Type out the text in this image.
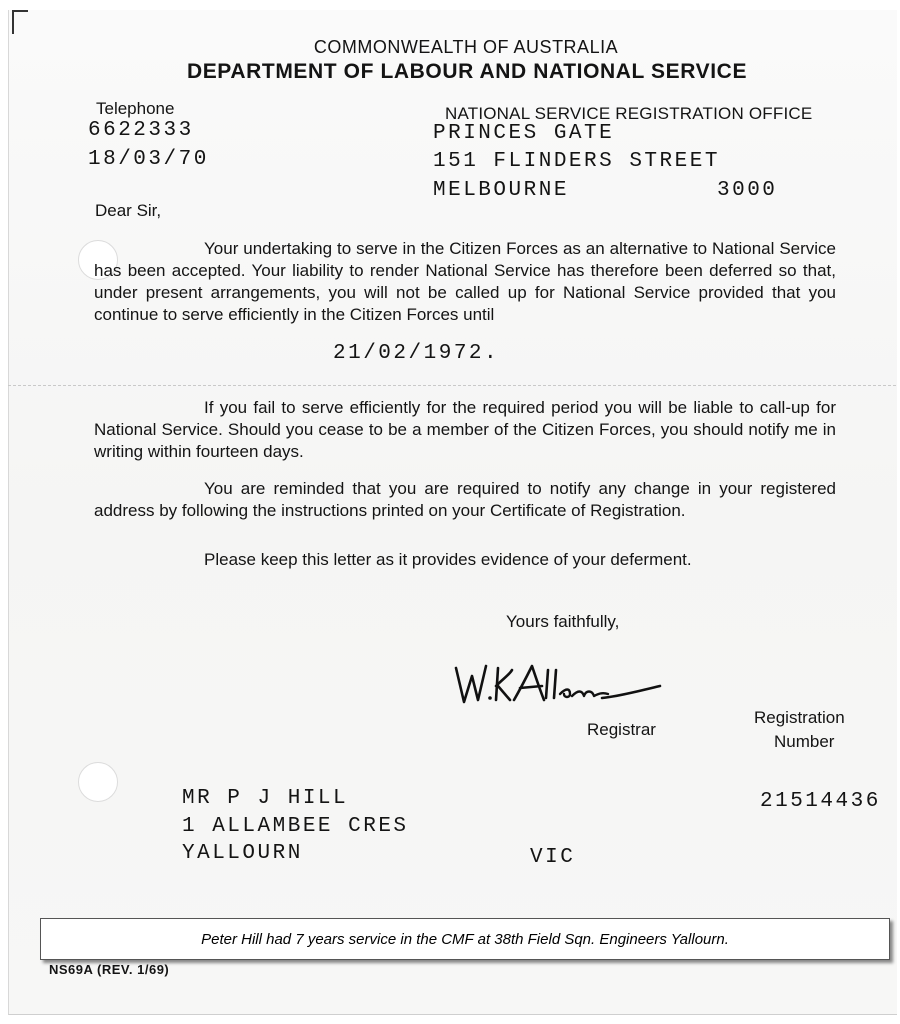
COMMONWEALTH OF AUSTRALIA
DEPARTMENT OF LABOUR AND NATIONAL SERVICE
Telephone
6622333
18/03/70
NATIONAL SERVICE REGISTRATION OFFICE
PRINCES GATE
151 FLINDERS STREET
MELBOURNE	3000
Dear Sir,
Your undertaking to serve in the Citizen Forces as an alternative to National Service has been accepted. Your liability to render National Service has therefore been deferred so that, under present arrangements, you will not be called up for National Service provided that you continue to serve efficiently in the Citizen Forces until
21/02/1972.
If you fail to serve efficiently for the required period you will be liable to call-up for National Service. Should you cease to be a member of the Citizen Forces, you should notify me in writing within fourteen days.
You are reminded that you are required to notify any change in your registered address by following the instructions printed on your Certificate of Registration.
Please keep this letter as it provides evidence of your deferment.
Yours faithfully,
Registrar
Registration
Number
21514436
MR P J HILL
1 ALLAMBEE CRES
YALLOURN	VIC
Peter Hill had 7 years service in the CMF at 38th Field Sqn. Engineers Yallourn.
NS69A (REV. 1/69)
